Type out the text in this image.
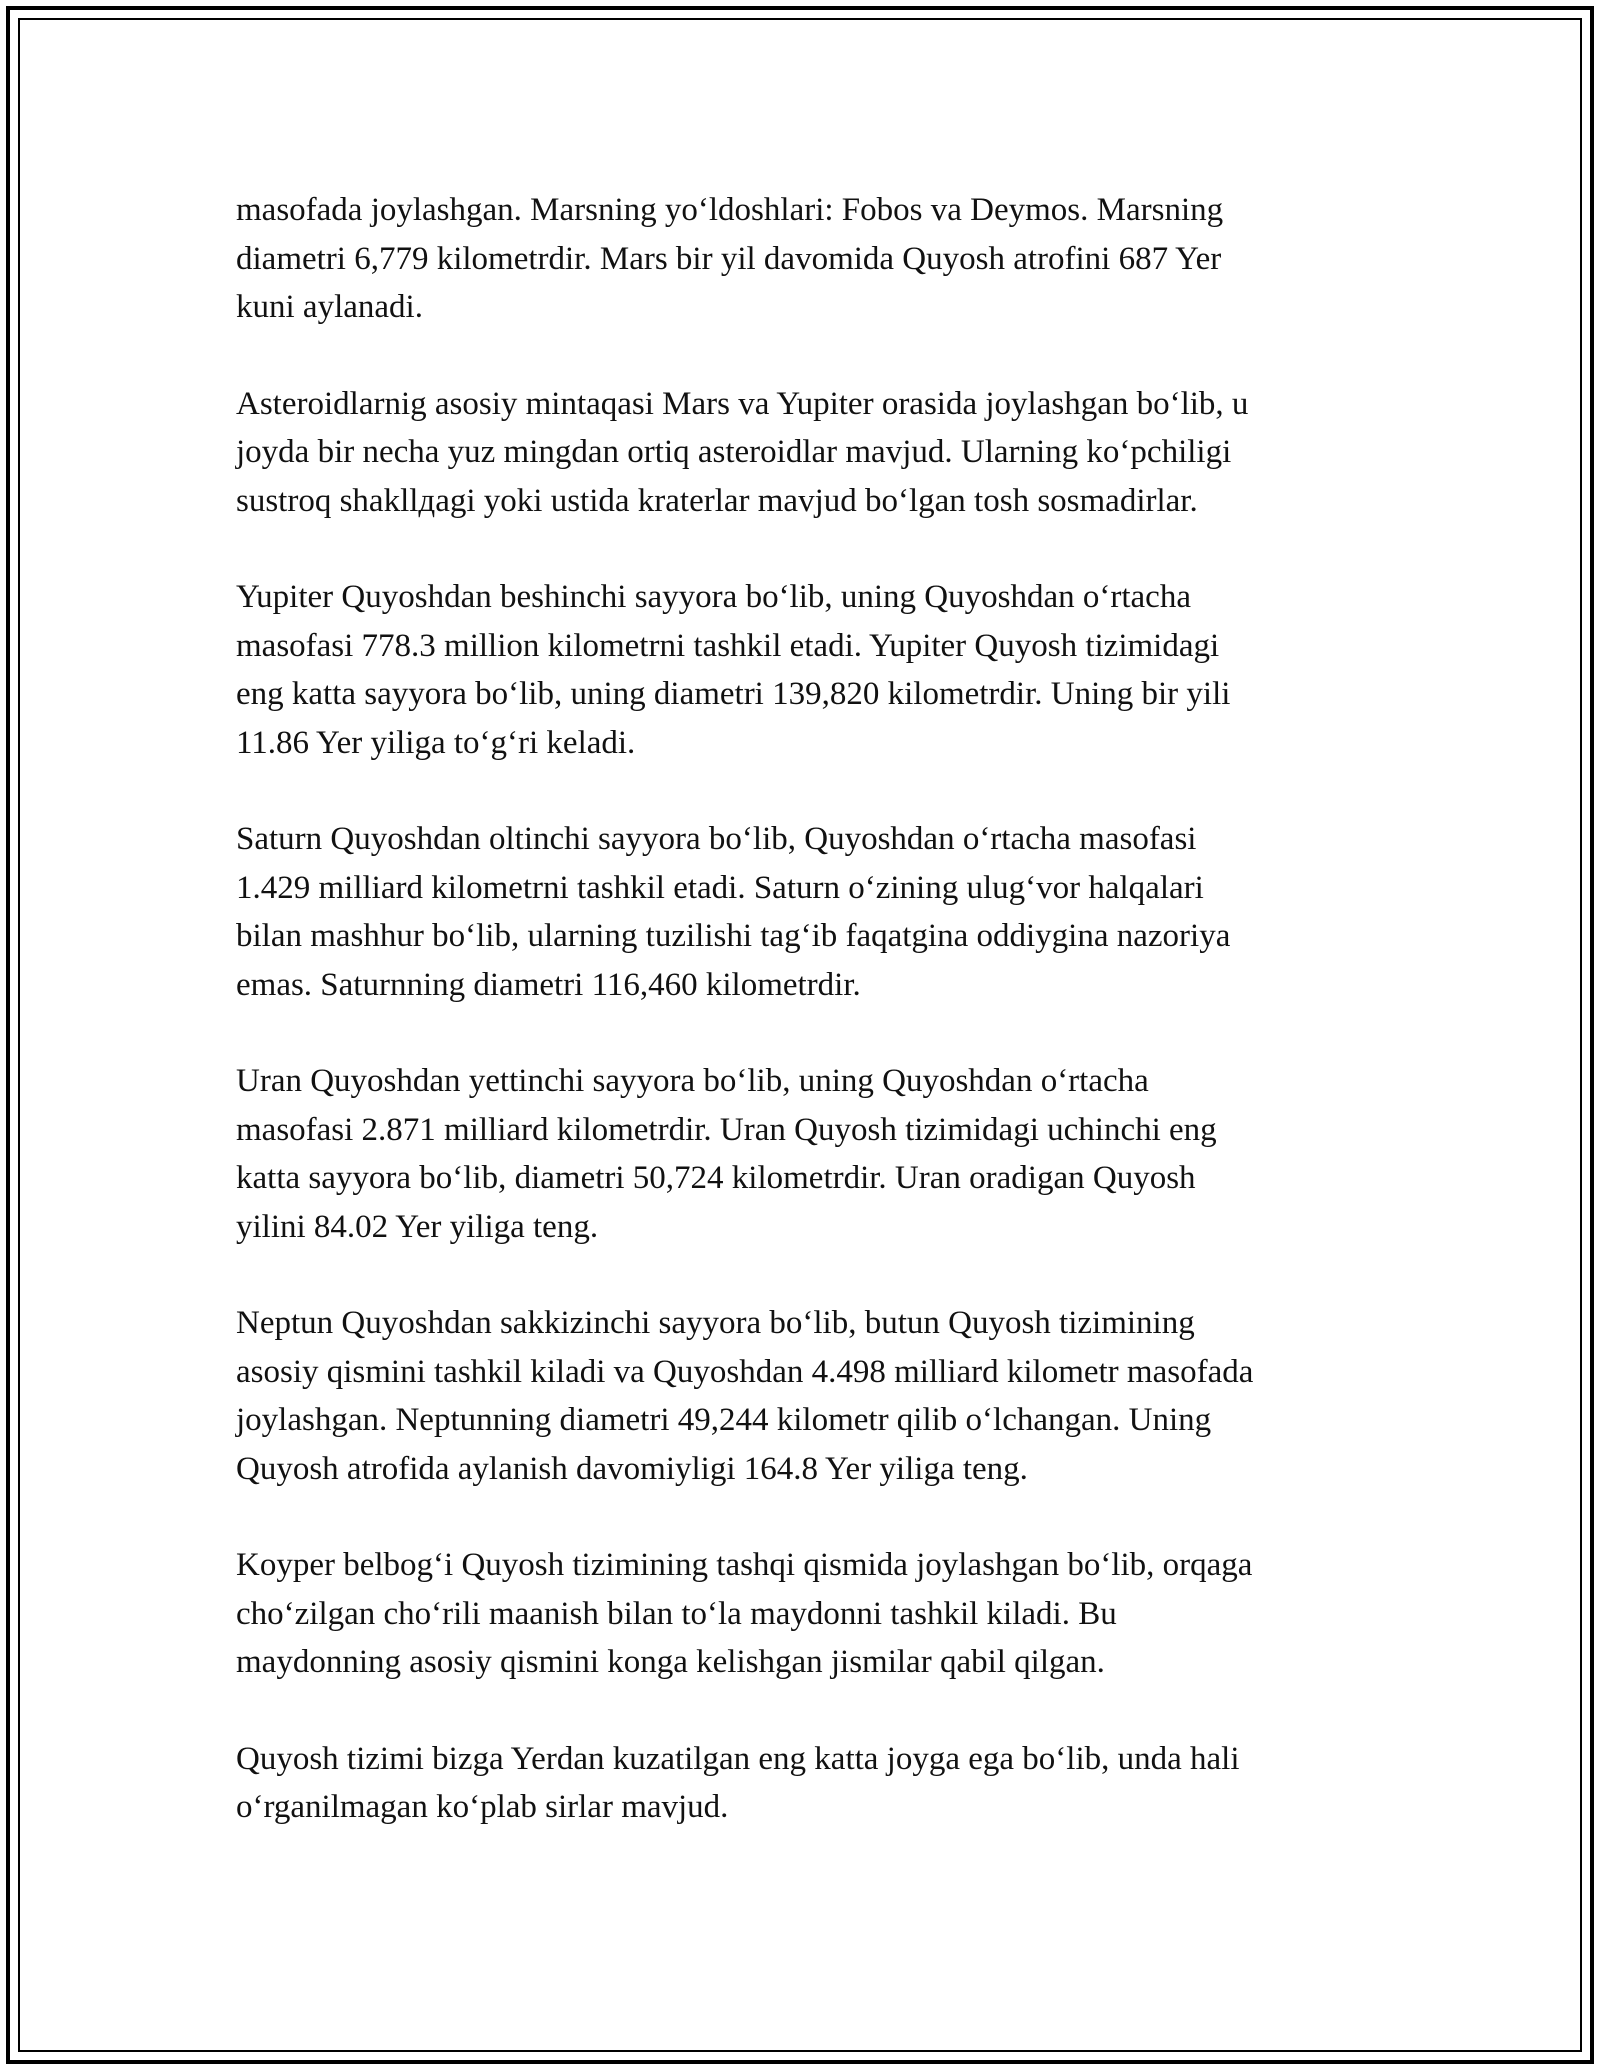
masofada joylashgan. Marsning yo‘ldoshlari: Fobos va Deymos. Marsning
diametri 6,779 kilometrdir. Mars bir yil davomida Quyosh atrofini 687 Yer
kuni aylanadi.

Asteroidlarnig asosiy mintaqasi Mars va Yupiter orasida joylashgan bo‘lib, u
joyda bir necha yuz mingdan ortiq asteroidlar mavjud. Ularning ko‘pchiligi
sustroq shakllдagi yoki ustida kraterlar mavjud bo‘lgan tosh sosmadirlar.

Yupiter Quyoshdan beshinchi sayyora bo‘lib, uning Quyoshdan o‘rtacha
masofasi 778.3 million kilometrni tashkil etadi. Yupiter Quyosh tizimidagi
eng katta sayyora bo‘lib, uning diametri 139,820 kilometrdir. Uning bir yili
11.86 Yer yiliga to‘g‘ri keladi.

Saturn Quyoshdan oltinchi sayyora bo‘lib, Quyoshdan o‘rtacha masofasi
1.429 milliard kilometrni tashkil etadi. Saturn o‘zining ulug‘vor halqalari
bilan mashhur bo‘lib, ularning tuzilishi tag‘ib faqatgina oddiygina nazoriya
emas. Saturnning diametri 116,460 kilometrdir.

Uran Quyoshdan yettinchi sayyora bo‘lib, uning Quyoshdan o‘rtacha
masofasi 2.871 milliard kilometrdir. Uran Quyosh tizimidagi uchinchi eng
katta sayyora bo‘lib, diametri 50,724 kilometrdir. Uran oradigan Quyosh
yilini 84.02 Yer yiliga teng.

Neptun Quyoshdan sakkizinchi sayyora bo‘lib, butun Quyosh tizimining
asosiy qismini tashkil kiladi va Quyoshdan 4.498 milliard kilometr masofada
joylashgan. Neptunning diametri 49,244 kilometr qilib o‘lchangan. Uning
Quyosh atrofida aylanish davomiyligi 164.8 Yer yiliga teng.

Koyper belbog‘i Quyosh tizimining tashqi qismida joylashgan bo‘lib, orqaga
cho‘zilgan cho‘rili maanish bilan to‘la maydonni tashkil kiladi. Bu
maydonning asosiy qismini konga kelishgan jismilar qabil qilgan.

Quyosh tizimi bizga Yerdan kuzatilgan eng katta joyga ega bo‘lib, unda hali
o‘rganilmagan ko‘plab sirlar mavjud.
